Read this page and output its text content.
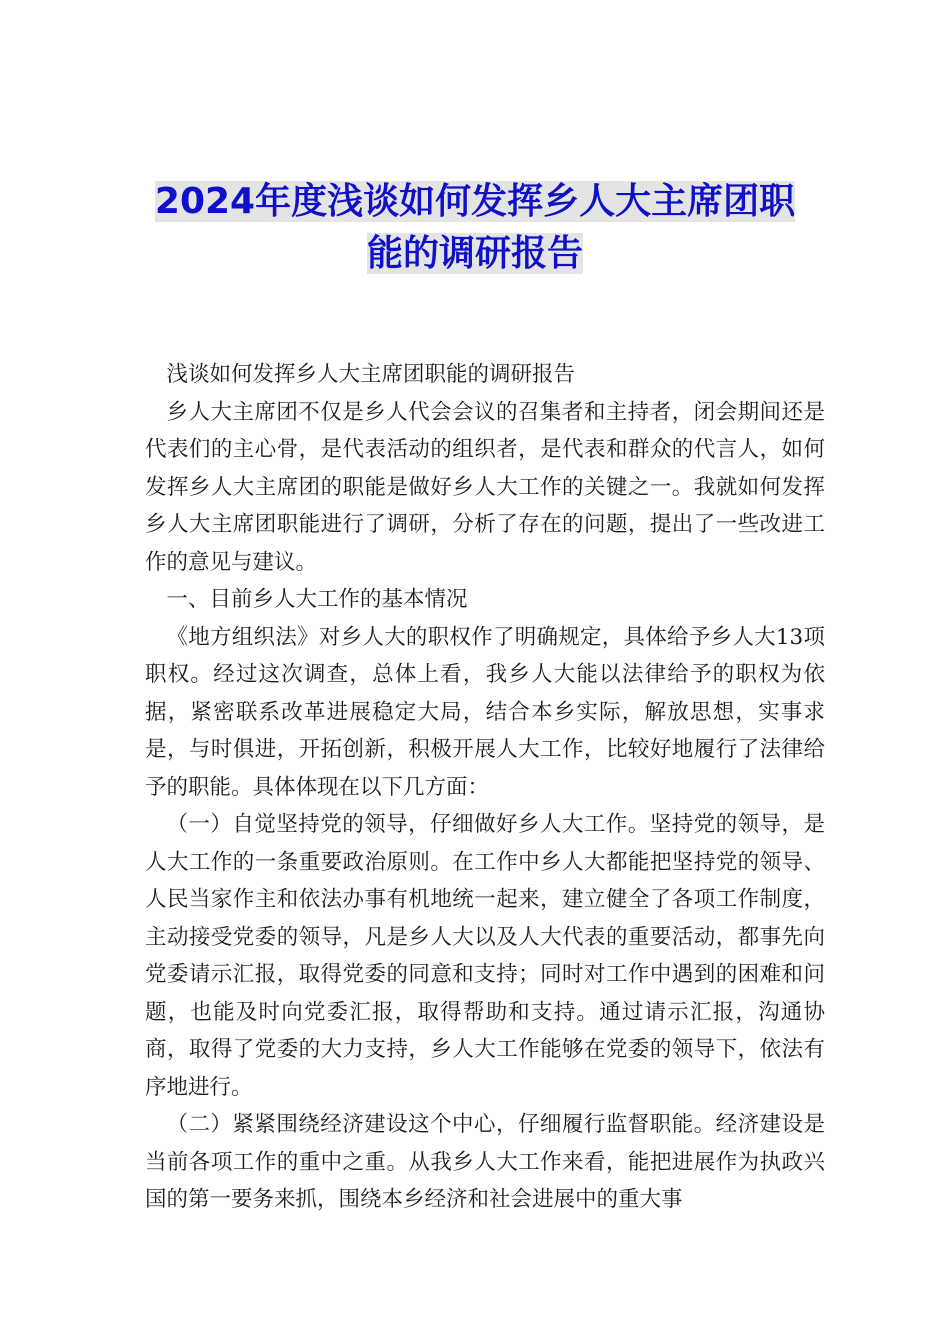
2024年度浅谈如何发挥乡人大主席团职
能的调研报告

浅谈如何发挥乡人大主席团职能的调研报告

乡人大主席团不仅是乡人代会会议的召集者和主持者，闭会期间还是代表们的主心骨，是代表活动的组织者，是代表和群众的代言人，如何发挥乡人大主席团的职能是做好乡人大工作的关键之一。我就如何发挥乡人大主席团职能进行了调研，分析了存在的问题，提出了一些改进工作的意见与建议。

一、目前乡人大工作的基本情况

《地方组织法》对乡人大的职权作了明确规定，具体给予乡人大13项职权。经过这次调查，总体上看，我乡人大能以法律给予的职权为依据，紧密联系改革进展稳定大局，结合本乡实际，解放思想，实事求是，与时俱进，开拓创新，积极开展人大工作，比较好地履行了法律给予的职能。具体体现在以下几方面：

（一）自觉坚持党的领导，仔细做好乡人大工作。坚持党的领导，是人大工作的一条重要政治原则。在工作中乡人大都能把坚持党的领导、人民当家作主和依法办事有机地统一起来，建立健全了各项工作制度，主动接受党委的领导，凡是乡人大以及人大代表的重要活动，都事先向党委请示汇报，取得党委的同意和支持；同时对工作中遇到的困难和问题，也能及时向党委汇报，取得帮助和支持。通过请示汇报，沟通协商，取得了党委的大力支持，乡人大工作能够在党委的领导下，依法有序地进行。

（二）紧紧围绕经济建设这个中心，仔细履行监督职能。经济建设是当前各项工作的重中之重。从我乡人大工作来看，能把进展作为执政兴国的第一要务来抓，围绕本乡经济和社会进展中的重大事
